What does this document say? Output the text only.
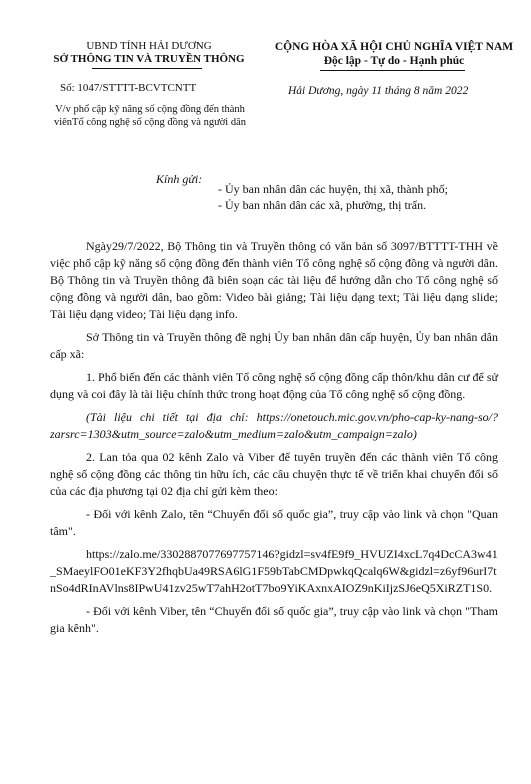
UBND TỈNH HẢI DƯƠNG
SỞ THÔNG TIN VÀ TRUYỀN THÔNG
CỘNG HÒA XÃ HỘI CHỦ NGHĨA VIỆT NAM
Độc lập - Tự do - Hạnh phúc
Số: 1047/STTTT-BCVTCNTT
V/v phổ cập kỹ năng số cộng đồng đến thành
viênTổ công nghệ số cộng đồng và người dân
Hải Dương, ngày 11 tháng 8 năm 2022
Kính gửi:
- Ủy ban nhân dân các huyện, thị xã, thành phố;
- Ủy ban nhân dân các xã, phường, thị trấn.

Ngày29/7/2022, Bộ Thông tin và Truyền thông có văn bản số 3097/BTTTT-THH về việc phổ cập kỹ năng số cộng đồng đến thành viên Tổ công nghệ số cộng đồng và người dân. Bộ Thông tin và Truyền thông đã biên soạn các tài liệu để hướng dẫn cho Tổ công nghệ số cộng đồng và người dân, bao gồm: Video bài giảng; Tài liệu dạng text; Tài liệu dạng slide; Tài liệu dạng video; Tài liệu dạng info.

Sở Thông tin và Truyền thông đề nghị Ủy ban nhân dân cấp huyện, Ủy ban nhân dân cấp xã:

1. Phổ biến đến các thành viên Tổ công nghệ số cộng đồng cấp thôn/khu dân cư để sử dụng và coi đây là tài liệu chính thức trong hoạt động của Tổ công nghệ số cộng đồng.

(Tài liệu chi tiết tại địa chỉ: https://onetouch.mic.gov.vn/pho-cap-ky-nang-so/?zarsrc=1303&utm_source=zalo&utm_medium=zalo&utm_campaign=zalo)

2. Lan tỏa qua 02 kênh Zalo và Viber để tuyên truyền đến các thành viên Tổ công nghệ số cộng đồng các thông tin hữu ích, các câu chuyện thực tế về triển khai chuyển đổi số của các địa phương tại 02 địa chỉ gửi kèm theo:

- Đối với kênh Zalo, tên “Chuyển đổi số quốc gia”, truy cập vào link và chọn "Quan tâm".

https://zalo.me/3302887077697757146?gidzl=sv4fE9f9_HVUZI4xcL7q4DcCA3w41_SMaeylFO01eKF3Y2fhqbUa49RSA6lG1F59bTabCMDpwkqQcalq6W&gidzl=z6yf96urI7tnSo4dRInAVlns8IPwU41zv25wT7ahH2otT7bo9YiKAxnxAIOZ9nKiIjzSJ6eQ5XiRZT1S0.

- Đối với kênh Viber, tên “Chuyển đổi số quốc gia”, truy cập vào link và chọn "Tham gia kênh".
